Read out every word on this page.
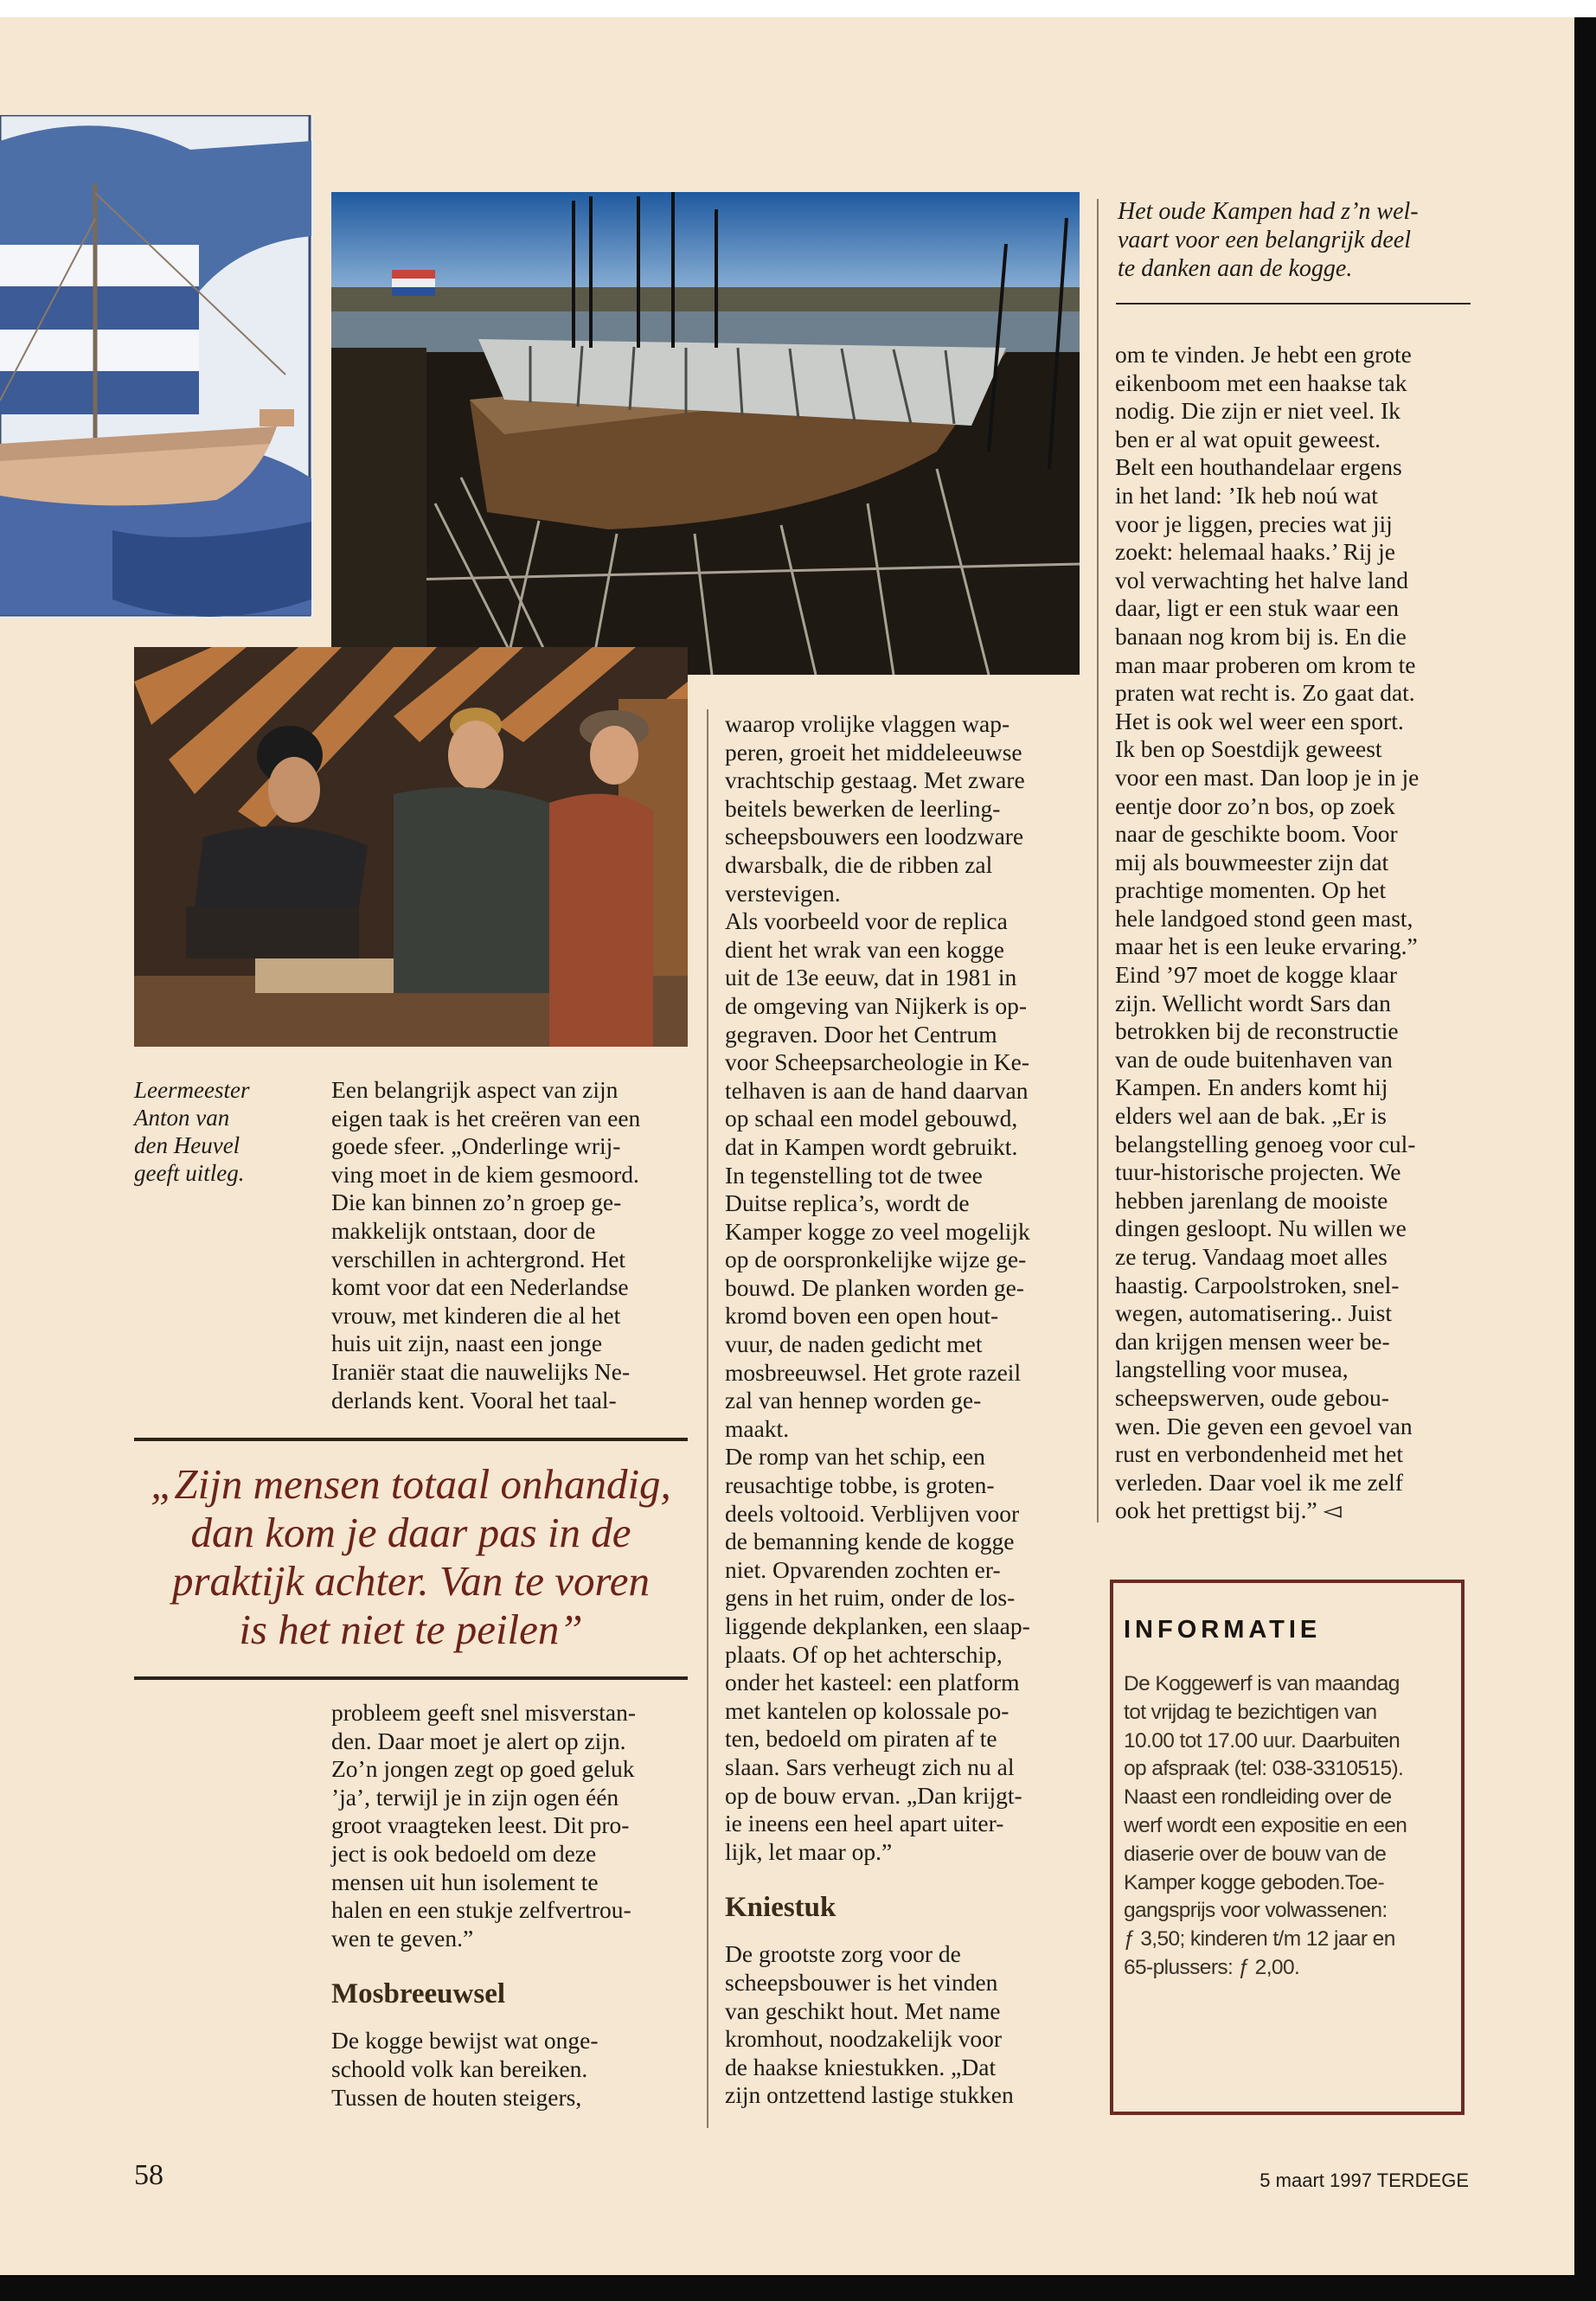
Het oude Kampen had z’n wel-
vaart voor een belangrijk deel
te danken aan de kogge.
Leermeester
Anton van
den Heuvel
geeft uitleg.

Een belangrijk aspect van zijn

eigen taak is het creëren van een

goede sfeer. „Onderlinge wrij-

ving moet in de kiem gesmoord.

Die kan binnen zo’n groep ge-

makkelijk ontstaan, door de

verschillen in achtergrond. Het

komt voor dat een Nederlandse

vrouw, met kinderen die al het

huis uit zijn, naast een jonge

Iraniër staat die nauwelijks Ne-

derlands kent. Vooral het taal-

„Zijn mensen totaal onhandig,
dan kom je daar pas in de
praktijk achter. Van te voren
is het niet te peilen”

probleem geeft snel misverstan-

den. Daar moet je alert op zijn.

Zo’n jongen zegt op goed geluk

’ja’, terwijl je in zijn ogen één

groot vraagteken leest. Dit pro-

ject is ook bedoeld om deze

mensen uit hun isolement te

halen en een stukje zelfvertrou-

wen te geven.”

Mosbreeuwsel

De kogge bewijst wat onge-

schoold volk kan bereiken.

Tussen de houten steigers,

waarop vrolijke vlaggen wap-

peren, groeit het middeleeuwse

vrachtschip gestaag. Met zware

beitels bewerken de leerling-

scheepsbouwers een loodzware

dwarsbalk, die de ribben zal

verstevigen.

Als voorbeeld voor de replica

dient het wrak van een kogge

uit de 13e eeuw, dat in 1981 in

de omgeving van Nijkerk is op-

gegraven. Door het Centrum

voor Scheepsarcheologie in Ke-

telhaven is aan de hand daarvan

op schaal een model gebouwd,

dat in Kampen wordt gebruikt.

In tegenstelling tot de twee

Duitse replica’s, wordt de

Kamper kogge zo veel mogelijk

op de oorspronkelijke wijze ge-

bouwd. De planken worden ge-

kromd boven een open hout-

vuur, de naden gedicht met

mosbreeuwsel. Het grote razeil

zal van hennep worden ge-

maakt.

De romp van het schip, een

reusachtige tobbe, is groten-

deels voltooid. Verblijven voor

de bemanning kende de kogge

niet. Opvarenden zochten er-

gens in het ruim, onder de los-

liggende dekplanken, een slaap-

plaats. Of op het achterschip,

onder het kasteel: een platform

met kantelen op kolossale po-

ten, bedoeld om piraten af te

slaan. Sars verheugt zich nu al

op de bouw ervan. „Dan krijgt-

ie ineens een heel apart uiter-

lijk, let maar op.”

Kniestuk

De grootste zorg voor de

scheepsbouwer is het vinden

van geschikt hout. Met name

kromhout, noodzakelijk voor

de haakse kniestukken. „Dat

zijn ontzettend lastige stukken

om te vinden. Je hebt een grote

eikenboom met een haakse tak

nodig. Die zijn er niet veel. Ik

ben er al wat opuit geweest.

Belt een houthandelaar ergens

in het land: ’Ik heb noú wat

voor je liggen, precies wat jij

zoekt: helemaal haaks.’ Rij je

vol verwachting het halve land

daar, ligt er een stuk waar een

banaan nog krom bij is. En die

man maar proberen om krom te

praten wat recht is. Zo gaat dat.

Het is ook wel weer een sport.

Ik ben op Soestdijk geweest

voor een mast. Dan loop je in je

eentje door zo’n bos, op zoek

naar de geschikte boom. Voor

mij als bouwmeester zijn dat

prachtige momenten. Op het

hele landgoed stond geen mast,

maar het is een leuke ervaring.”

Eind ’97 moet de kogge klaar

zijn. Wellicht wordt Sars dan

betrokken bij de reconstructie

van de oude buitenhaven van

Kampen. En anders komt hij

elders wel aan de bak. „Er is

belangstelling genoeg voor cul-

tuur-historische projecten. We

hebben jarenlang de mooiste

dingen gesloopt. Nu willen we

ze terug. Vandaag moet alles

haastig. Carpoolstroken, snel-

wegen, automatisering.. Juist

dan krijgen mensen weer be-

langstelling voor musea,

scheepswerven, oude gebou-

wen. Die geven een gevoel van

rust en verbondenheid met het

verleden. Daar voel ik me zelf

ook het prettigst bij.” ◅

INFORMATIE
De Koggewerf is van maandag
tot vrijdag te bezichtigen van
10.00 tot 17.00 uur. Daarbuiten
op afspraak (tel: 038-3310515).
Naast een rondleiding over de
werf wordt een expositie en een
diaserie over de bouw van de
Kamper kogge geboden.Toe-
gangsprijs voor volwassenen:
ƒ 3,50; kinderen t/m 12 jaar en
65-plussers: ƒ 2,00.
58	5 maart 1997 TERDEGE
